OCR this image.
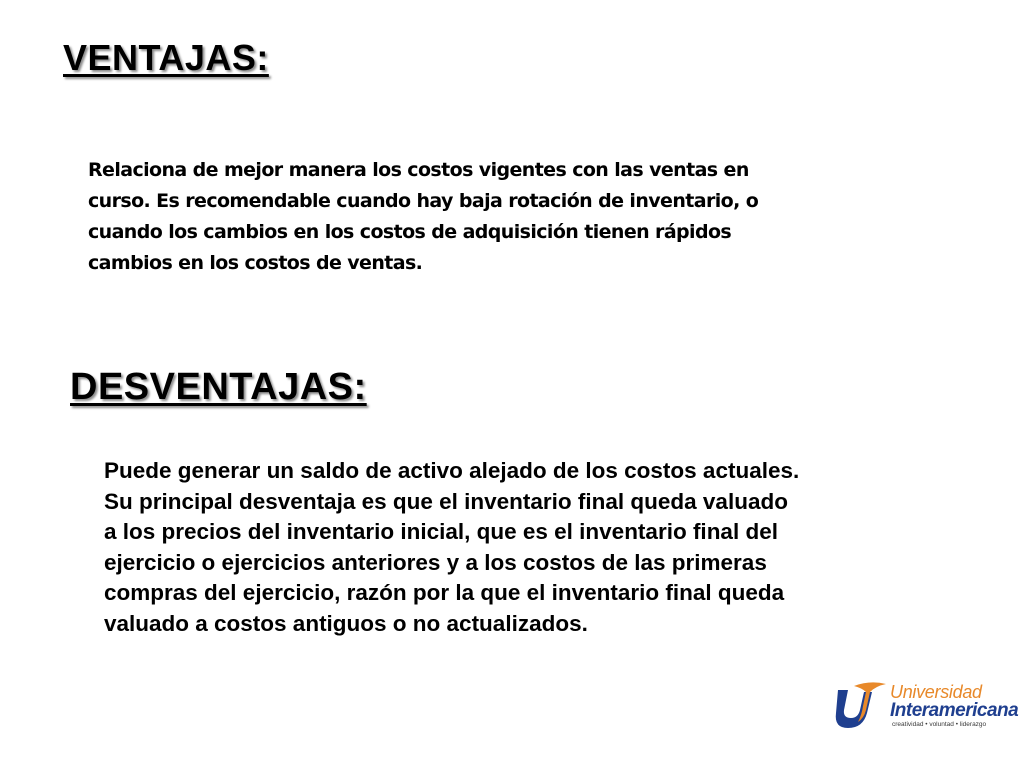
VENTAJAS:

Relaciona de mejor manera los costos vigentes con las ventas en curso. Es recomendable cuando hay baja rotación de inventario, o cuando los cambios en los costos de adquisición tienen rápidos cambios en los costos de ventas.

DESVENTAJAS:
Puede generar un saldo de activo alejado de los costos actuales.
Su principal desventaja es que el inventario final queda valuado a los precios del inventario inicial, que es el inventario final del ejercicio o ejercicios anteriores y a los costos de las primeras compras del ejercicio, razón por la que el inventario final queda valuado a costos antiguos o no actualizados.
Universidad
Interamericana
creatividad • voluntad • liderazgo
